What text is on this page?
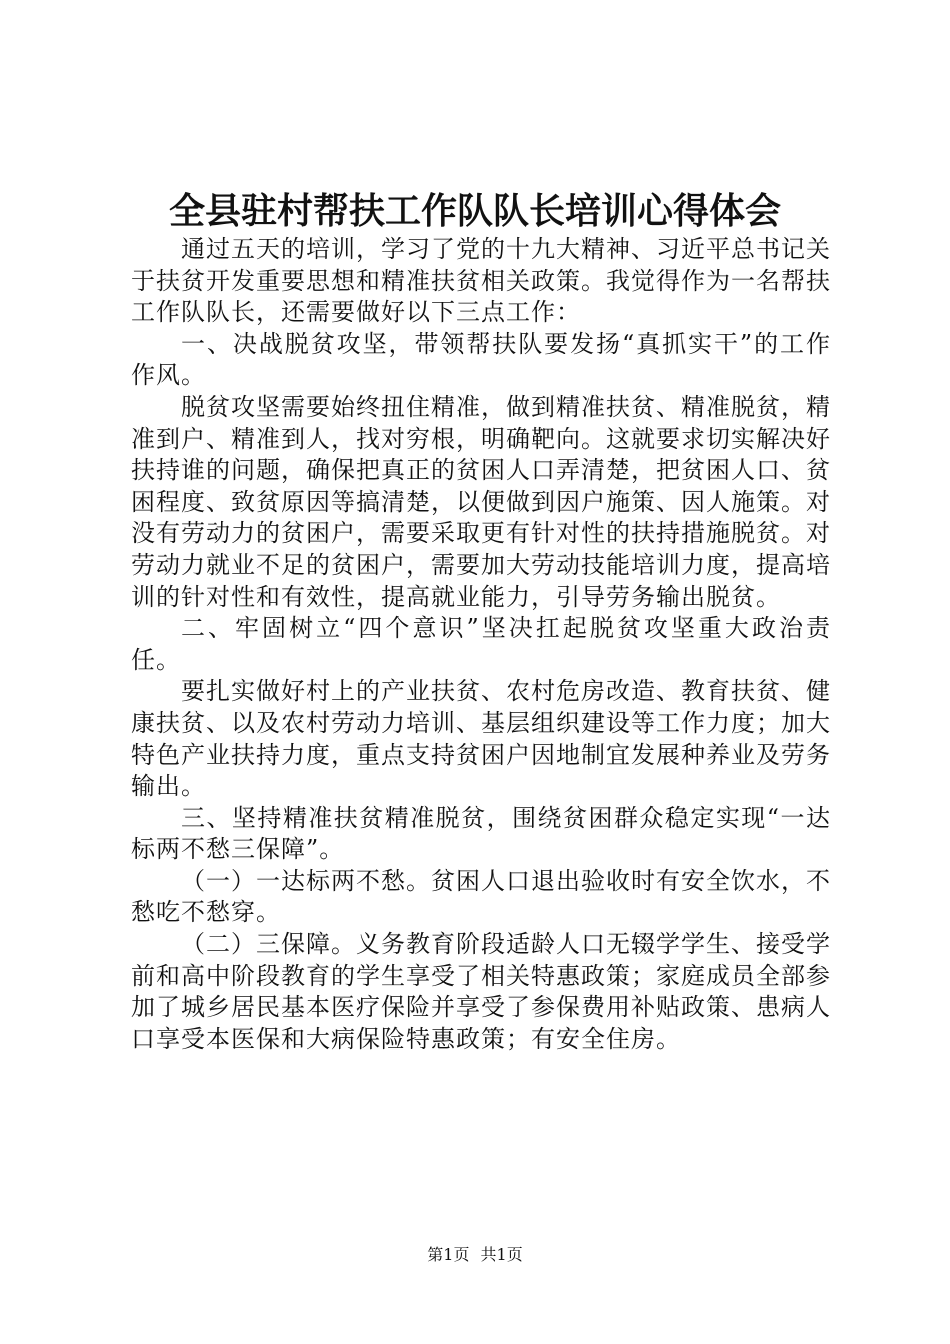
全县驻村帮扶工作队队长培训心得体会

通过五天的培训，学习了党的十九大精神、习近平总书记关于扶贫开发重要思想和精准扶贫相关政策。我觉得作为一名帮扶工作队队长，还需要做好以下三点工作：

一、决战脱贫攻坚，带领帮扶队要发扬“真抓实干”的工作作风。

脱贫攻坚需要始终扭住精准，做到精准扶贫、精准脱贫，精准到户、精准到人，找对穷根，明确靶向。这就要求切实解决好扶持谁的问题，确保把真正的贫困人口弄清楚，把贫困人口、贫困程度、致贫原因等搞清楚，以便做到因户施策、因人施策。对没有劳动力的贫困户，需要采取更有针对性的扶持措施脱贫。对劳动力就业不足的贫困户，需要加大劳动技能培训力度，提高培训的针对性和有效性，提高就业能力，引导劳务输出脱贫。

二、牢固树立“四个意识”坚决扛起脱贫攻坚重大政治责任。

要扎实做好村上的产业扶贫、农村危房改造、教育扶贫、健康扶贫、以及农村劳动力培训、基层组织建设等工作力度；加大特色产业扶持力度，重点支持贫困户因地制宜发展种养业及劳务输出。

三、坚持精准扶贫精准脱贫，围绕贫困群众稳定实现“一达标两不愁三保障”。

（一）一达标两不愁。贫困人口退出验收时有安全饮水，不愁吃不愁穿。

（二）三保障。义务教育阶段适龄人口无辍学学生、接受学前和高中阶段教育的学生享受了相关特惠政策；家庭成员全部参加了城乡居民基本医疗保险并享受了参保费用补贴政策、患病人口享受本医保和大病保险特惠政策；有安全住房。

第1页 共1页
